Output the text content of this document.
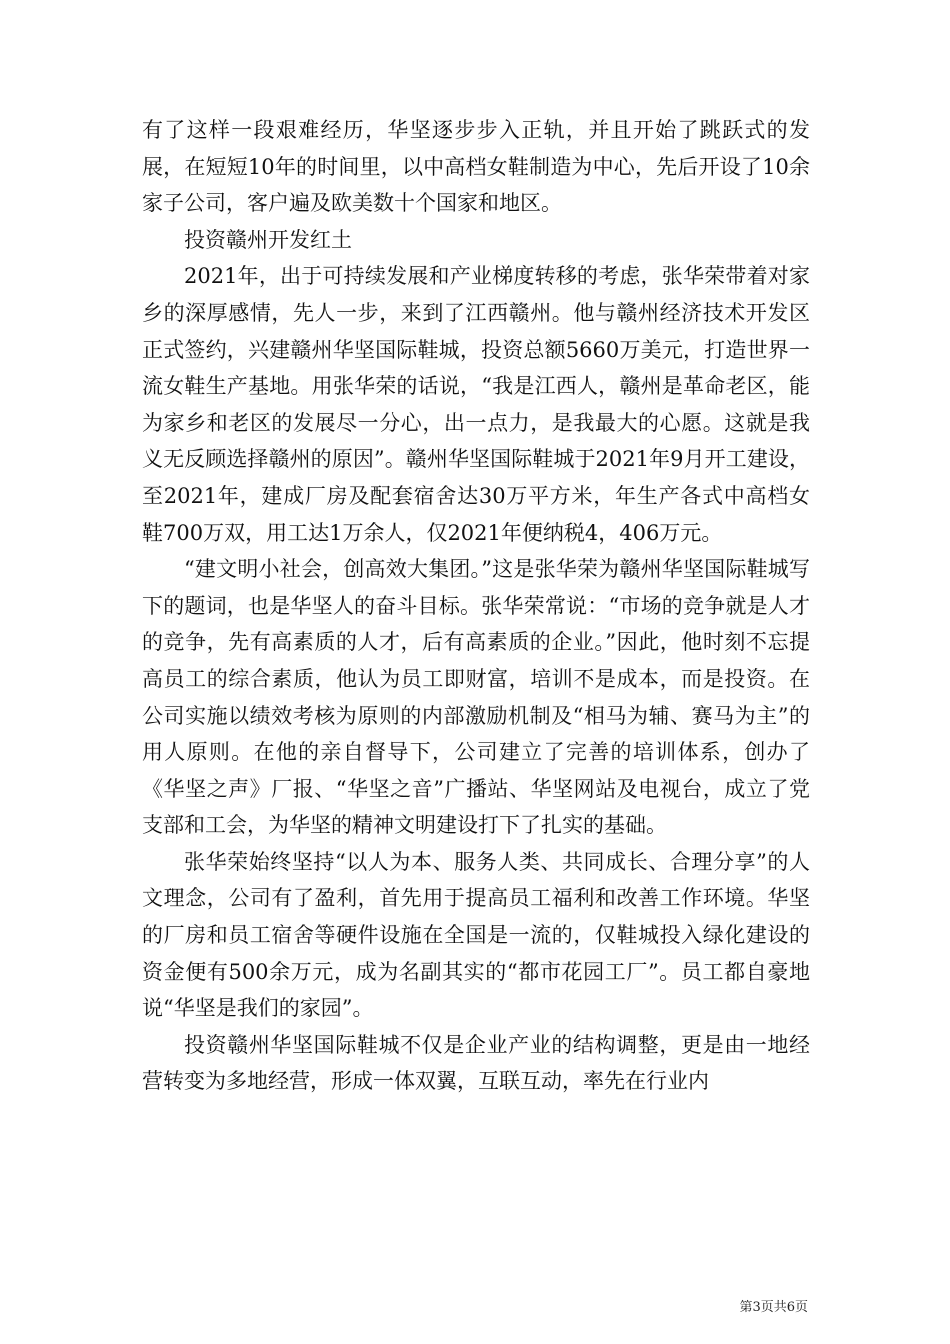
有了这样一段艰难经历，华坚逐步步入正轨，并且开始了跳跃式的发展，在短短10年的时间里，以中高档女鞋制造为中心，先后开设了10余家子公司，客户遍及欧美数十个国家和地区。

投资赣州开发红土

2021年，出于可持续发展和产业梯度转移的考虑，张华荣带着对家乡的深厚感情，先人一步，来到了江西赣州。他与赣州经济技术开发区正式签约，兴建赣州华坚国际鞋城，投资总额5660万美元，打造世界一流女鞋生产基地。用张华荣的话说，“我是江西人，赣州是革命老区，能为家乡和老区的发展尽一分心，出一点力，是我最大的心愿。这就是我义无反顾选择赣州的原因”。赣州华坚国际鞋城于2021年9月开工建设，至2021年，建成厂房及配套宿舍达30万平方米，年生产各式中高档女鞋700万双，用工达1万余人，仅2021年便纳税4，406万元。

“建文明小社会，创高效大集团。”这是张华荣为赣州华坚国际鞋城写下的题词，也是华坚人的奋斗目标。张华荣常说：“市场的竞争就是人才的竞争，先有高素质的人才，后有高素质的企业。”因此，他时刻不忘提高员工的综合素质，他认为员工即财富，培训不是成本，而是投资。在公司实施以绩效考核为原则的内部激励机制及“相马为辅、赛马为主”的用人原则。在他的亲自督导下，公司建立了完善的培训体系，创办了《华坚之声》厂报、“华坚之音”广播站、华坚网站及电视台，成立了党支部和工会，为华坚的精神文明建设打下了扎实的基础。

张华荣始终坚持“以人为本、服务人类、共同成长、合理分享”的人文理念，公司有了盈利，首先用于提高员工福利和改善工作环境。华坚的厂房和员工宿舍等硬件设施在全国是一流的，仅鞋城投入绿化建设的资金便有500余万元，成为名副其实的“都市花园工厂”。员工都自豪地说“华坚是我们的家园”。

投资赣州华坚国际鞋城不仅是企业产业的结构调整，更是由一地经营转变为多地经营，形成一体双翼，互联互动，率先在行业内

第3页共6页
